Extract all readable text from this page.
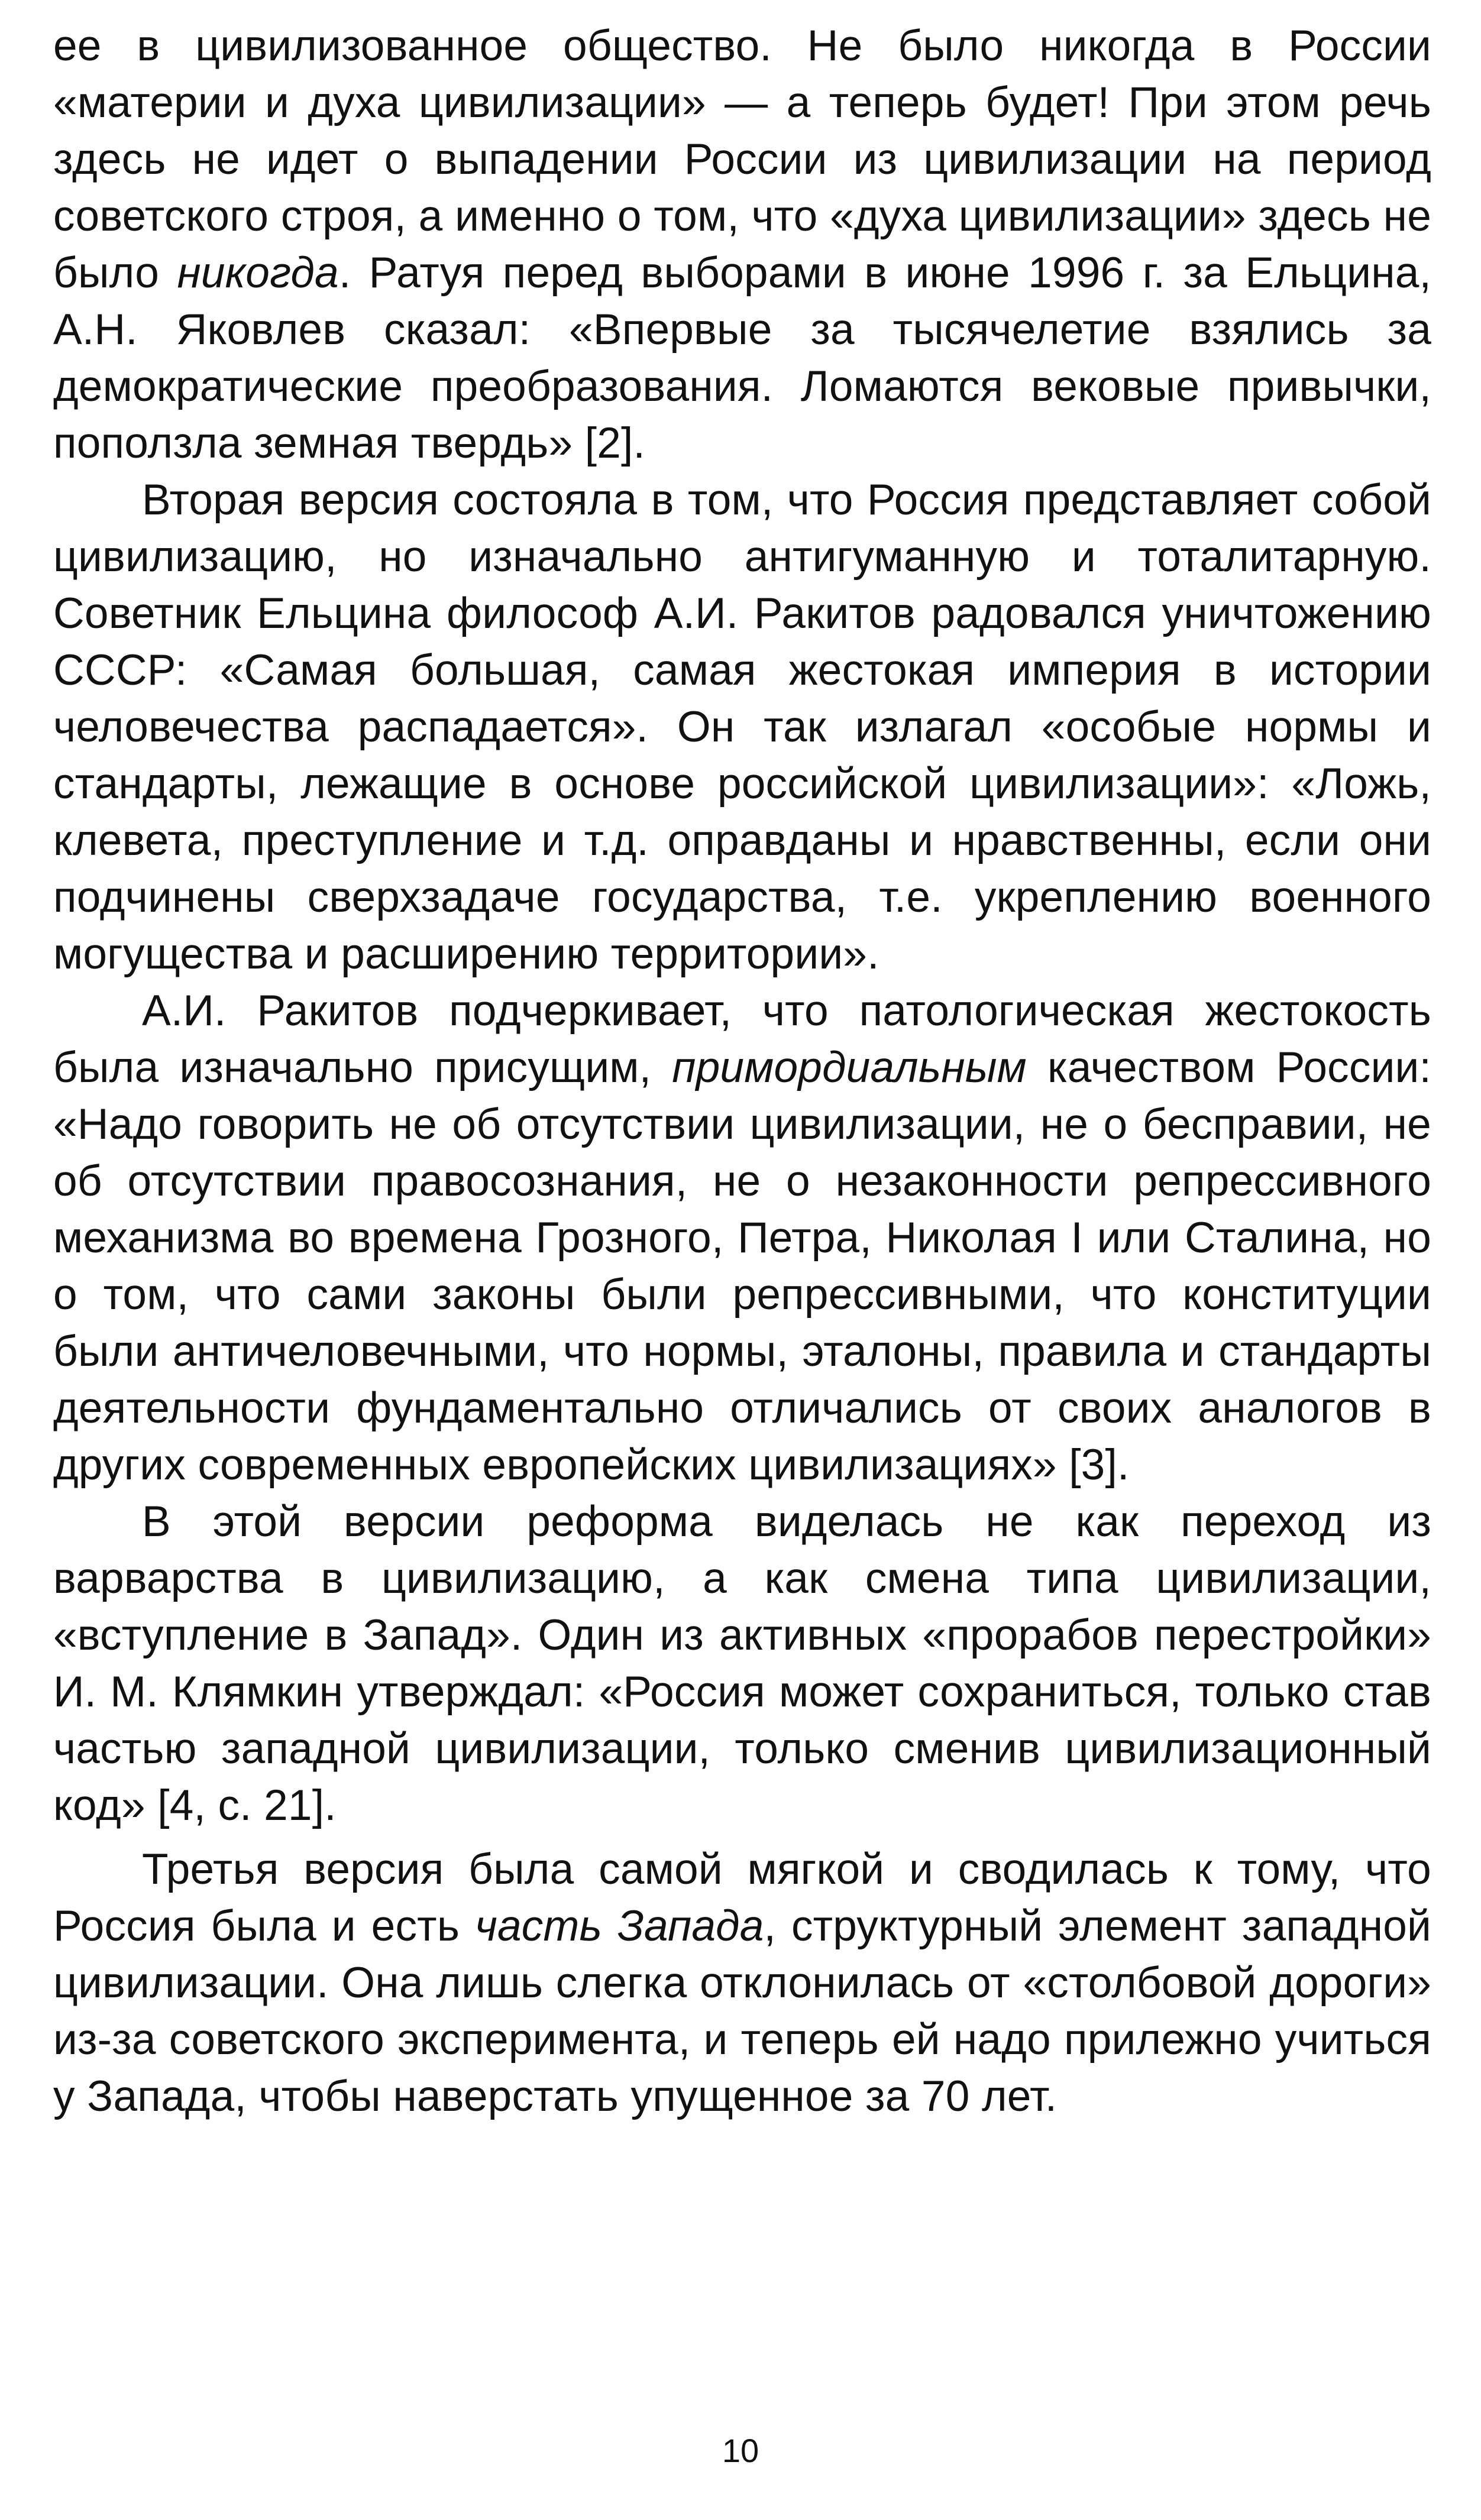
ее в цивилизованное общество. Не было никогда в России «материи и духа цивилизации» — а теперь будет! При этом речь здесь не идет о выпадении России из цивилизации на период советского строя, а именно о том, что «духа цивилизации» здесь не было никогда. Ратуя перед выборами в июне 1996 г. за Ельцина, А.Н. Яковлев сказал: «Впервые за тысячелетие взялись за демократические преобразования. Ломаются вековые привычки, поползла земная твердь» [2].

Вторая версия состояла в том, что Россия представляет собой цивилизацию, но изначально антигуманную и тоталитарную. Советник Ельцина философ А.И. Ракитов радовался уничтожению СССР: «Самая большая, самая жестокая империя в истории человечества распадается». Он так излагал «особые нормы и стандарты, лежащие в основе российской цивилизации»: «Ложь, клевета, преступление и т.д. оправданы и нравственны, если они подчинены сверхзадаче государства, т.е. укреплению военного могущества и расширению территории».

А.И. Ракитов подчеркивает, что патологическая жестокость была изначально присущим, примордиальным качеством России: «Надо говорить не об отсутствии цивилизации, не о бесправии, не об отсутствии правосознания, не о незаконности репрессивного механизма во времена Грозного, Петра, Николая I или Сталина, но о том, что сами законы были репрессивными, что конституции были античеловечными, что нормы, эталоны, правила и стандарты деятельности фундаментально отличались от своих аналогов в других современных европейских цивилизациях» [3].

В этой версии реформа виделась не как переход из варварства в цивилизацию, а как смена типа цивилизации, «вступление в Запад». Один из активных «прорабов перестройки» И. М. Клямкин утверждал: «Россия может сохраниться, только став частью западной цивилизации, только сменив цивилизационный код» [4, с. 21].

Третья версия была самой мягкой и сводилась к тому, что Россия была и есть часть Запада, структурный элемент западной цивилизации. Она лишь слегка отклонилась от «столбовой дороги» из-за советского эксперимента, и теперь ей надо прилежно учиться у Запада, чтобы наверстать упущенное за 70 лет.

10
